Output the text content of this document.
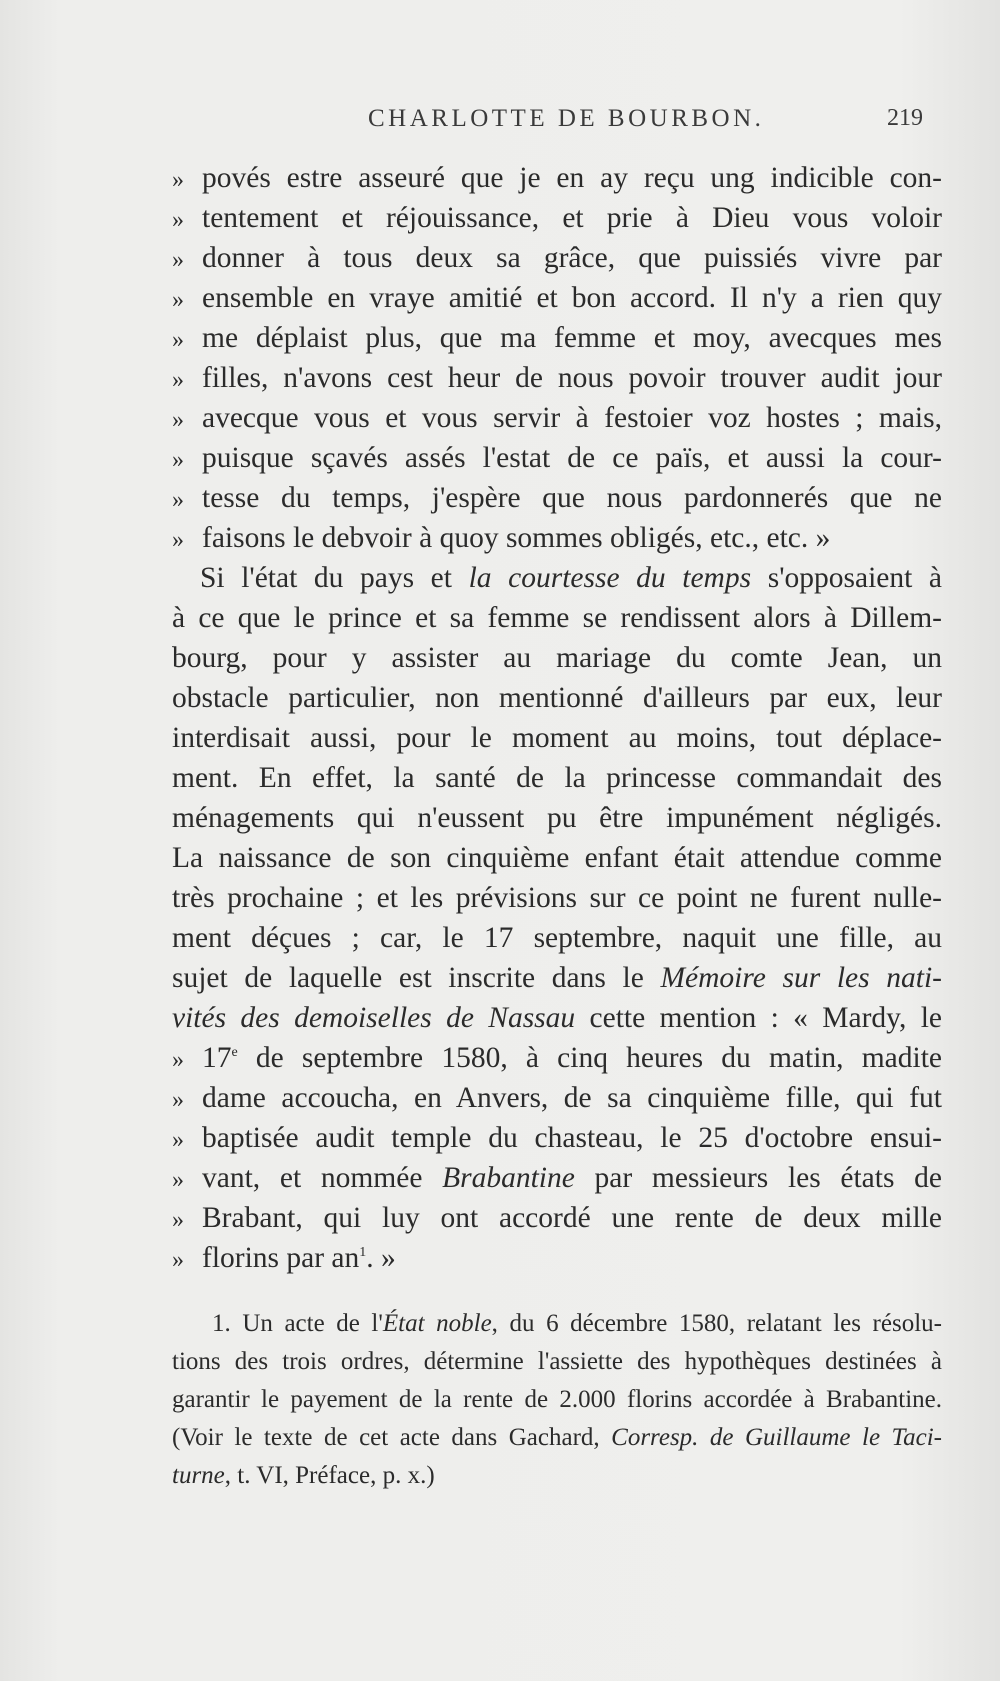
CHARLOTTE DE BOURBON.	219
» povés estre asseuré que je en ay reçu ung indicible con-
» tentement et réjouissance, et prie à Dieu vous voloir
» donner à tous deux sa grâce, que puissiés vivre par
» ensemble en vraye amitié et bon accord. Il n'y a rien quy
» me déplaist plus, que ma femme et moy, avecques mes
» filles, n'avons cest heur de nous povoir trouver audit jour
» avecque vous et vous servir à festoier voz hostes ; mais,
» puisque sçavés assés l'estat de ce païs, et aussi la cour-
» tesse du temps, j'espère que nous pardonnerés que ne
» faisons le debvoir à quoy sommes obligés, etc., etc. »
Si l'état du pays et la courtesse du temps s'opposaient à
à ce que le prince et sa femme se rendissent alors à Dillem-
bourg, pour y assister au mariage du comte Jean, un
obstacle particulier, non mentionné d'ailleurs par eux, leur
interdisait aussi, pour le moment au moins, tout déplace-
ment. En effet, la santé de la princesse commandait des
ménagements qui n'eussent pu être impunément négligés.
La naissance de son cinquième enfant était attendue comme
très prochaine ; et les prévisions sur ce point ne furent nulle-
ment déçues ; car, le 17 septembre, naquit une fille, au
sujet de laquelle est inscrite dans le Mémoire sur les nati-
vités des demoiselles de Nassau cette mention : « Mardy, le
» 17e de septembre 1580, à cinq heures du matin, madite
» dame accoucha, en Anvers, de sa cinquième fille, qui fut
» baptisée audit temple du chasteau, le 25 d'octobre ensui-
» vant, et nommée Brabantine par messieurs les états de
» Brabant, qui luy ont accordé une rente de deux mille
» florins par $an^1$. »
1. Un acte de l'État noble, du 6 décembre 1580, relatant les résolu-
tions des trois ordres, détermine l'assiette des hypothèques destinées à
garantir le payement de la rente de 2.000 florins accordée à Brabantine.
(Voir le texte de cet acte dans Gachard, Corresp. de Guillaume le Taci-
turne, t. VI, Préface, p. x.)
